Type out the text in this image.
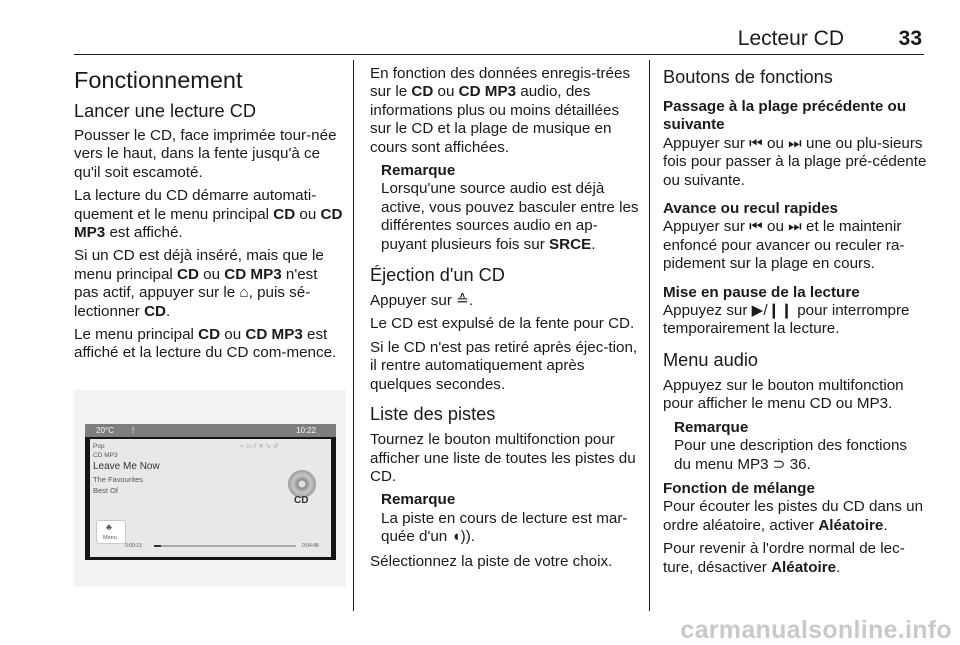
Lecteur CD	33
Fonctionnement
Lancer une lecture CD

Pousser le CD, face imprimée tour-née vers le haut, dans la fente jusqu'à ce qu'il soit escamoté.

La lecture du CD démarre automati-quement et le menu principal CD ou CD MP3 est affiché.

Si un CD est déjà inséré, mais que le menu principal CD ou CD MP3 n'est pas actif, appuyer sur le ⌂, puis sé-lectionner CD.

Le menu principal CD ou CD MP3 est affiché et la lecture du CD com-mence.

20°C !	10:22
Pop
CD MP3
Leave Me Now
The Favourites
Best Of
⌁ ▭ ⫽ ✕ ∿ ↺
CD
♣
Menu
0:00:13	0:04:48

En fonction des données enregis-trées sur le CD ou CD MP3 audio, des informations plus ou moins détaillées sur le CD et la plage de musique en cours sont affichées.

Remarque

Lorsqu'une source audio est déjà active, vous pouvez basculer entre les différentes sources audio en ap-puyant plusieurs fois sur SRCE.

Éjection d'un CD

Appuyer sur ≙.

Le CD est expulsé de la fente pour CD.

Si le CD n'est pas retiré après éjec-tion, il rentre automatiquement après quelques secondes.

Liste des pistes

Tournez le bouton multifonction pour afficher une liste de toutes les pistes du CD.

Remarque

La piste en cours de lecture est mar-quée d'un ◖)).

Sélectionnez la piste de votre choix.

Boutons de fonctions
Passage à la plage précédente ou suivante

Appuyer sur ⏮ ou ⏭ une ou plu-sieurs fois pour passer à la plage pré-cédente ou suivante.

Avance ou recul rapides

Appuyer sur ⏮ ou ⏭ et le maintenir enfoncé pour avancer ou reculer ra-pidement sur la plage en cours.

Mise en pause de la lecture

Appuyez sur ▶/❙❙ pour interrompre temporairement la lecture.

Menu audio

Appuyez sur le bouton multifonction pour afficher le menu CD ou MP3.

Remarque

Pour une description des fonctions du menu MP3 ⊃ 36.

Fonction de mélange

Pour écouter les pistes du CD dans un ordre aléatoire, activer Aléatoire.

Pour revenir à l'ordre normal de lec-ture, désactiver Aléatoire.

carmanualsonline.info
